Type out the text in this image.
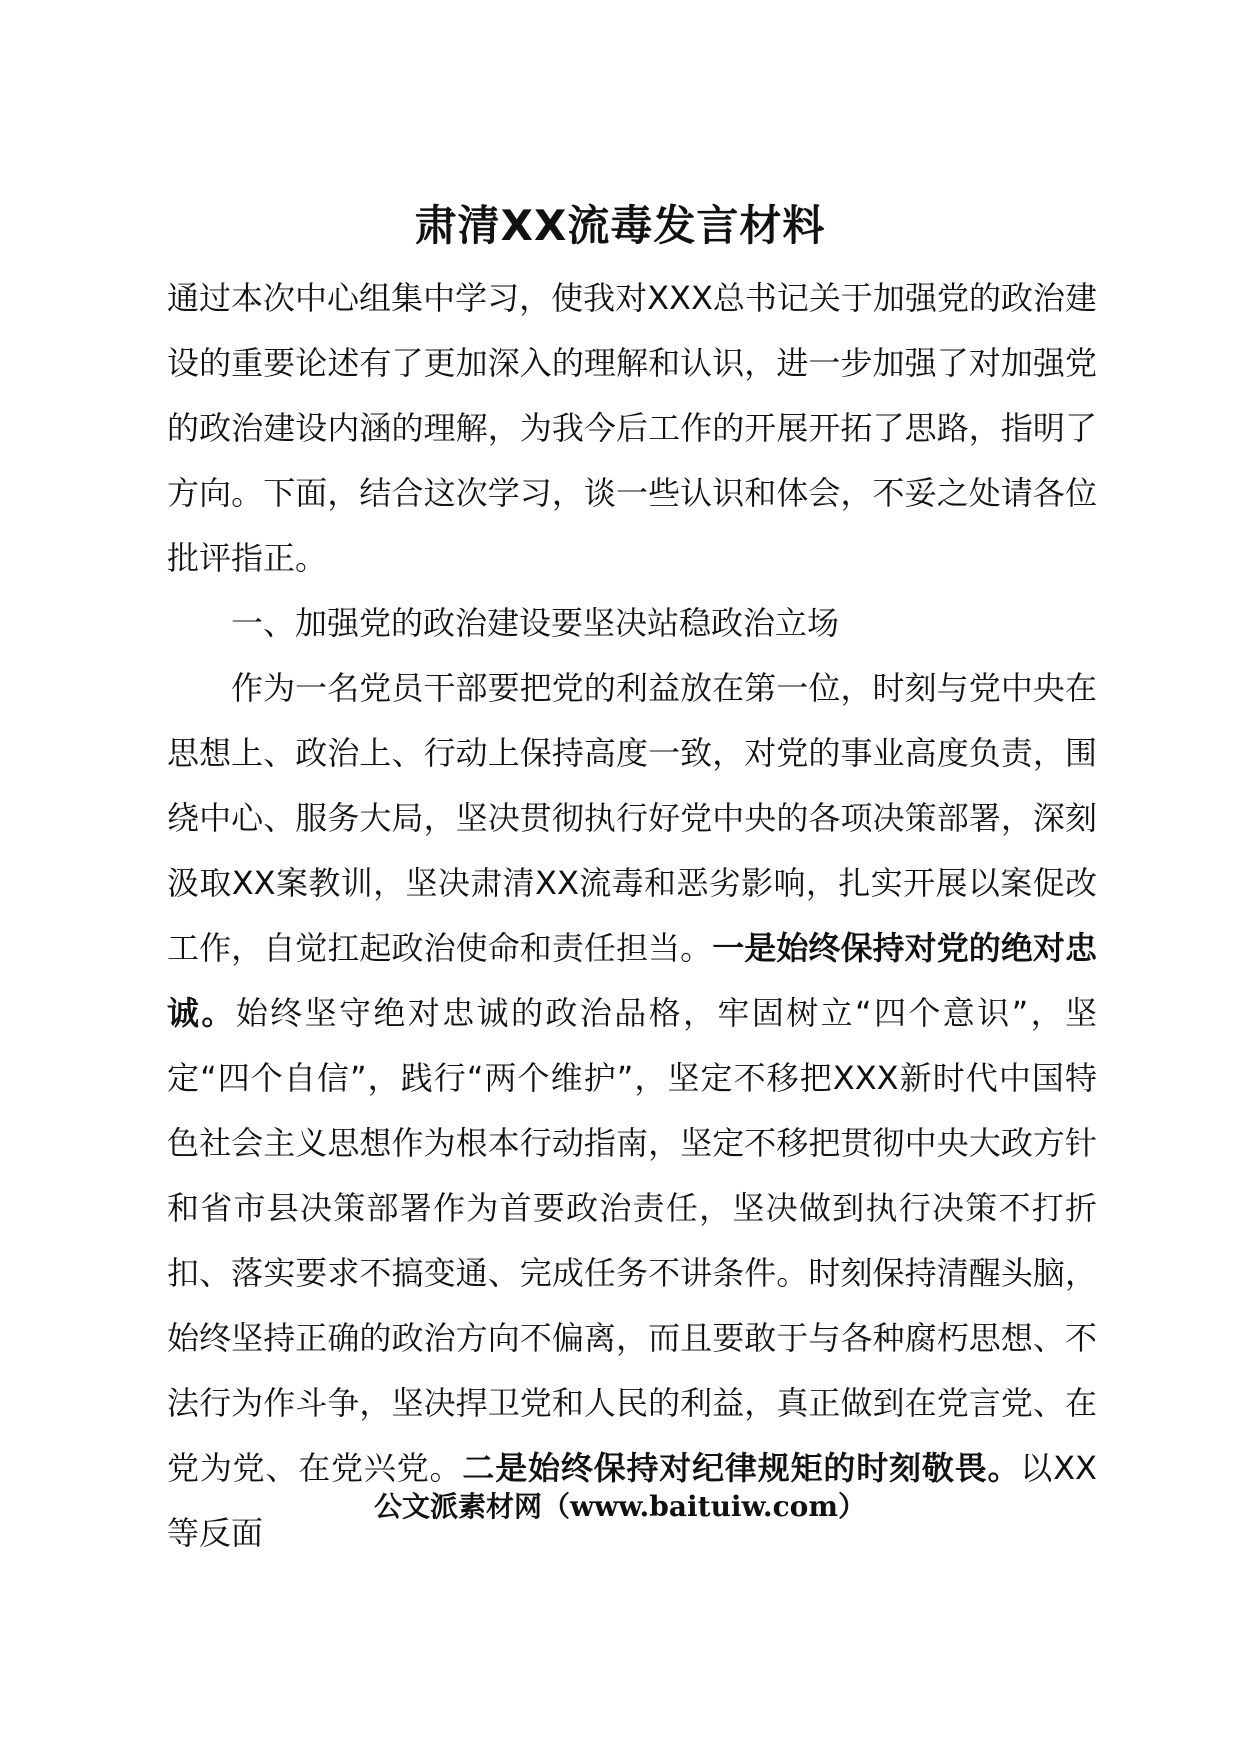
肃清XX流毒发言材料

通过本次中心组集中学习，使我对XXX总书记关于加强党的政治建设的重要论述有了更加深入的理解和认识，进一步加强了对加强党的政治建设内涵的理解，为我今后工作的开展开拓了思路，指明了方向。下面，结合这次学习，谈一些认识和体会，不妥之处请各位批评指正。

一、加强党的政治建设要坚决站稳政治立场

作为一名党员干部要把党的利益放在第一位，时刻与党中央在思想上、政治上、行动上保持高度一致，对党的事业高度负责，围绕中心、服务大局，坚决贯彻执行好党中央的各项决策部署，深刻汲取XX案教训，坚决肃清XX流毒和恶劣影响，扎实开展以案促改工作，自觉扛起政治使命和责任担当。一是始终保持对党的绝对忠诚。始终坚守绝对忠诚的政治品格，牢固树立“四个意识”，坚定“四个自信”，践行“两个维护”，坚定不移把XXX新时代中国特色社会主义思想作为根本行动指南，坚定不移把贯彻中央大政方针和省市县决策部署作为首要政治责任，坚决做到执行决策不打折扣、落实要求不搞变通、完成任务不讲条件。时刻保持清醒头脑，始终坚持正确的政治方向不偏离，而且要敢于与各种腐朽思想、不法行为作斗争，坚决捍卫党和人民的利益，真正做到在党言党、在党为党、在党兴党。二是始终保持对纪律规矩的时刻敬畏。以XX等反面

公文派素材网（www.baituiw.com）
